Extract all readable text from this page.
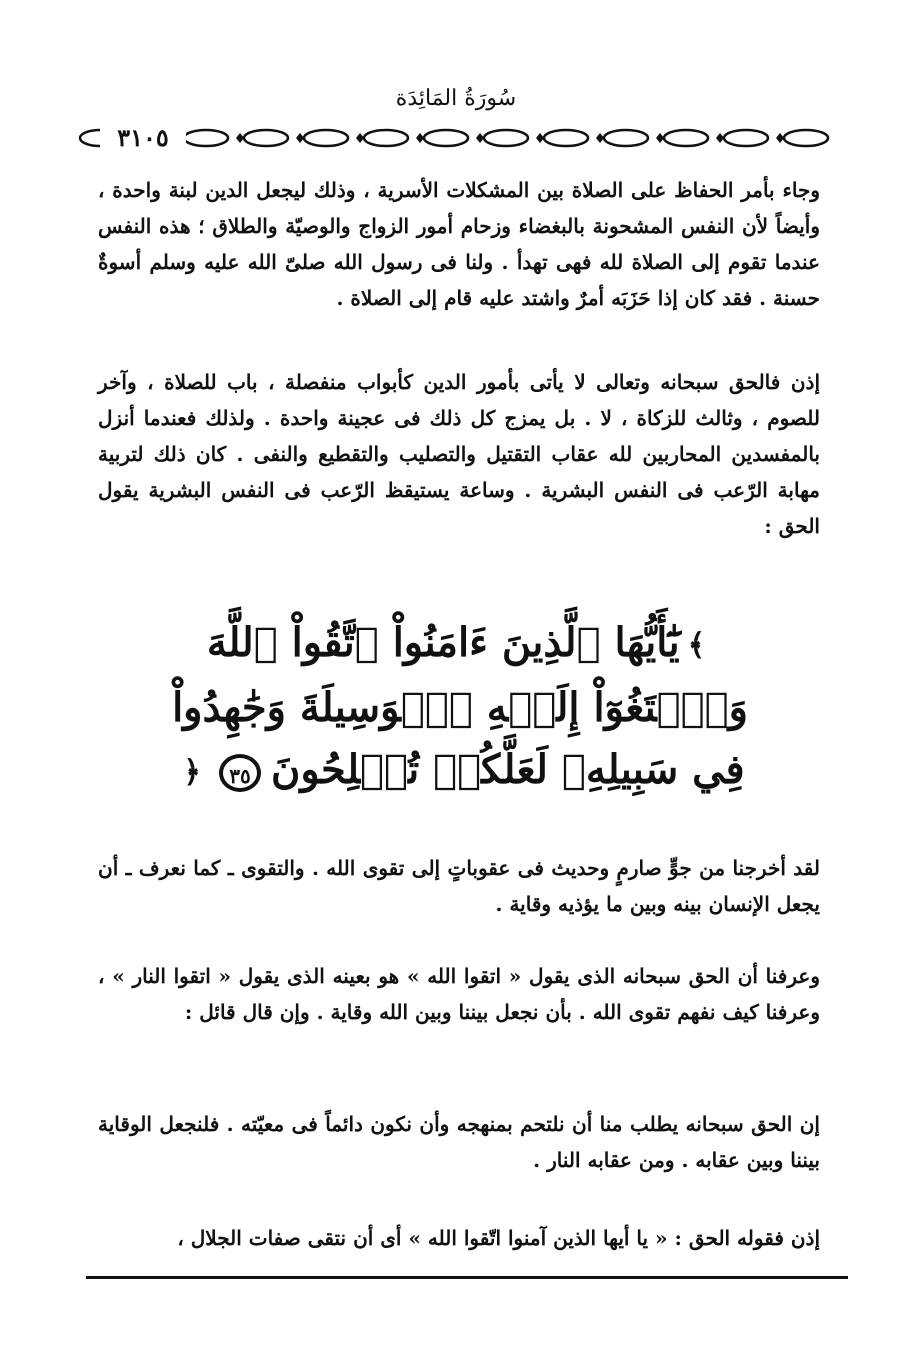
سُورَةُ المَائِدَة
٣١٠٥

وجاء بأمر الحفاظ على الصلاة بين المشكلات الأسرية ، وذلك ليجعل الدين لبنة واحدة ، وأيضاً لأن النفس المشحونة بالبغضاء وزحام أمور الزواج والوصيّة والطلاق ؛ هذه النفس عندما تقوم إلى الصلاة لله فهى تهدأ . ولنا فى رسول الله صلىّ الله عليه وسلم أسوةٌ حسنة . فقد كان إذا حَزَبَه أمرٌ واشتد عليه قام إلى الصلاة .

إذن فالحق سبحانه وتعالى لا يأتى بأمور الدين كأبواب منفصلة ، باب للصلاة ، وآخر للصوم ، وثالث للزكاة ، لا . بل يمزج كل ذلك فى عجينة واحدة . ولذلك فعندما أنزل بالمفسدين المحاربين لله عقاب التقتيل والتصليب والتقطيع والنفى . كان ذلك لتربية مهابة الرّعب فى النفس البشرية . وساعة يستيقظ الرّعب فى النفس البشرية يقول الحق :

﴾يَٰٓأَيُّهَا ٱلَّذِينَ ءَامَنُواْ ٱتَّقُواْ ٱللَّهَ وَٱبۡتَغُوٓاْ إِلَيۡهِ ٱلۡوَسِيلَةَ وَجَٰهِدُواْ فِي سَبِيلِهِۦ لَعَلَّكُمۡ تُفۡلِحُونَ٣٥﴿

لقد أخرجنا من جوٍّ صارمٍ وحديث فى عقوباتٍ إلى تقوى الله . والتقوى ـ كما نعرف ـ أن يجعل الإنسان بينه وبين ما يؤذيه وقاية .

وعرفنا أن الحق سبحانه الذى يقول « اتقوا الله » هو بعينه الذى يقول « اتقوا النار » ، وعرفنا كيف نفهم تقوى الله . بأن نجعل بيننا وبين الله وقاية . وإن قال قائل :

إن الحق سبحانه يطلب منا أن نلتحم بمنهجه وأن نكون دائماً فى معيّته . فلنجعل الوقاية بيننا وبين عقابه . ومن عقابه النار .

إذن فقوله الحق : « يا أيها الذين آمنوا اتّقوا الله » أى أن نتقى صفات الجلال ،
